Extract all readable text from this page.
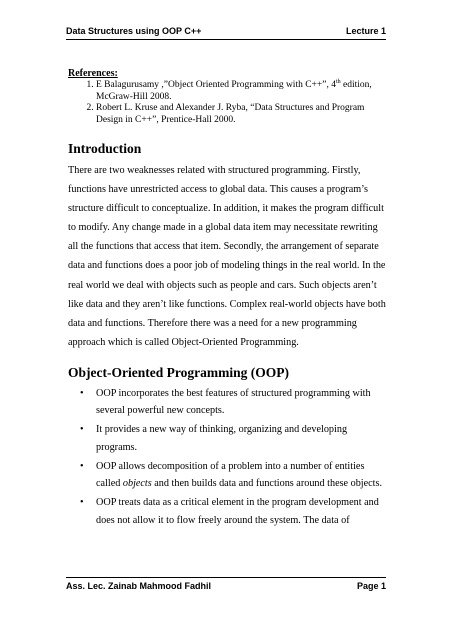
Data Structures using OOP C++	Lecture 1
References:
1. E Balagurusamy ,”Object Oriented Programming with C++”, 4th edition, McGraw-Hill 2008.
2. Robert L. Kruse and Alexander J. Ryba, “Data Structures and Program Design in C++”, Prentice-Hall 2000.
Introduction

There are two weaknesses related with structured programming. Firstly, functions have unrestricted access to global data. This causes a program’s structure difficult to conceptualize. In addition, it makes the program difficult to modify. Any change made in a global data item may necessitate rewriting all the functions that access that item. Secondly, the arrangement of separate data and functions does a poor job of modeling things in the real world. In the real world we deal with objects such as people and cars. Such objects aren’t like data and they aren’t like functions. Complex real-world objects have both data and functions. Therefore there was a need for a new programming approach which is called Object-Oriented Programming.

Object-Oriented Programming (OOP)
• OOP incorporates the best features of structured programming with several powerful new concepts.
• It provides a new way of thinking, organizing and developing programs.
• OOP allows decomposition of a problem into a number of entities called objects and then builds data and functions around these objects.
• OOP treats data as a critical element in the program development and does not allow it to flow freely around the system. The data of
Ass. Lec. Zainab Mahmood Fadhil	Page 1
